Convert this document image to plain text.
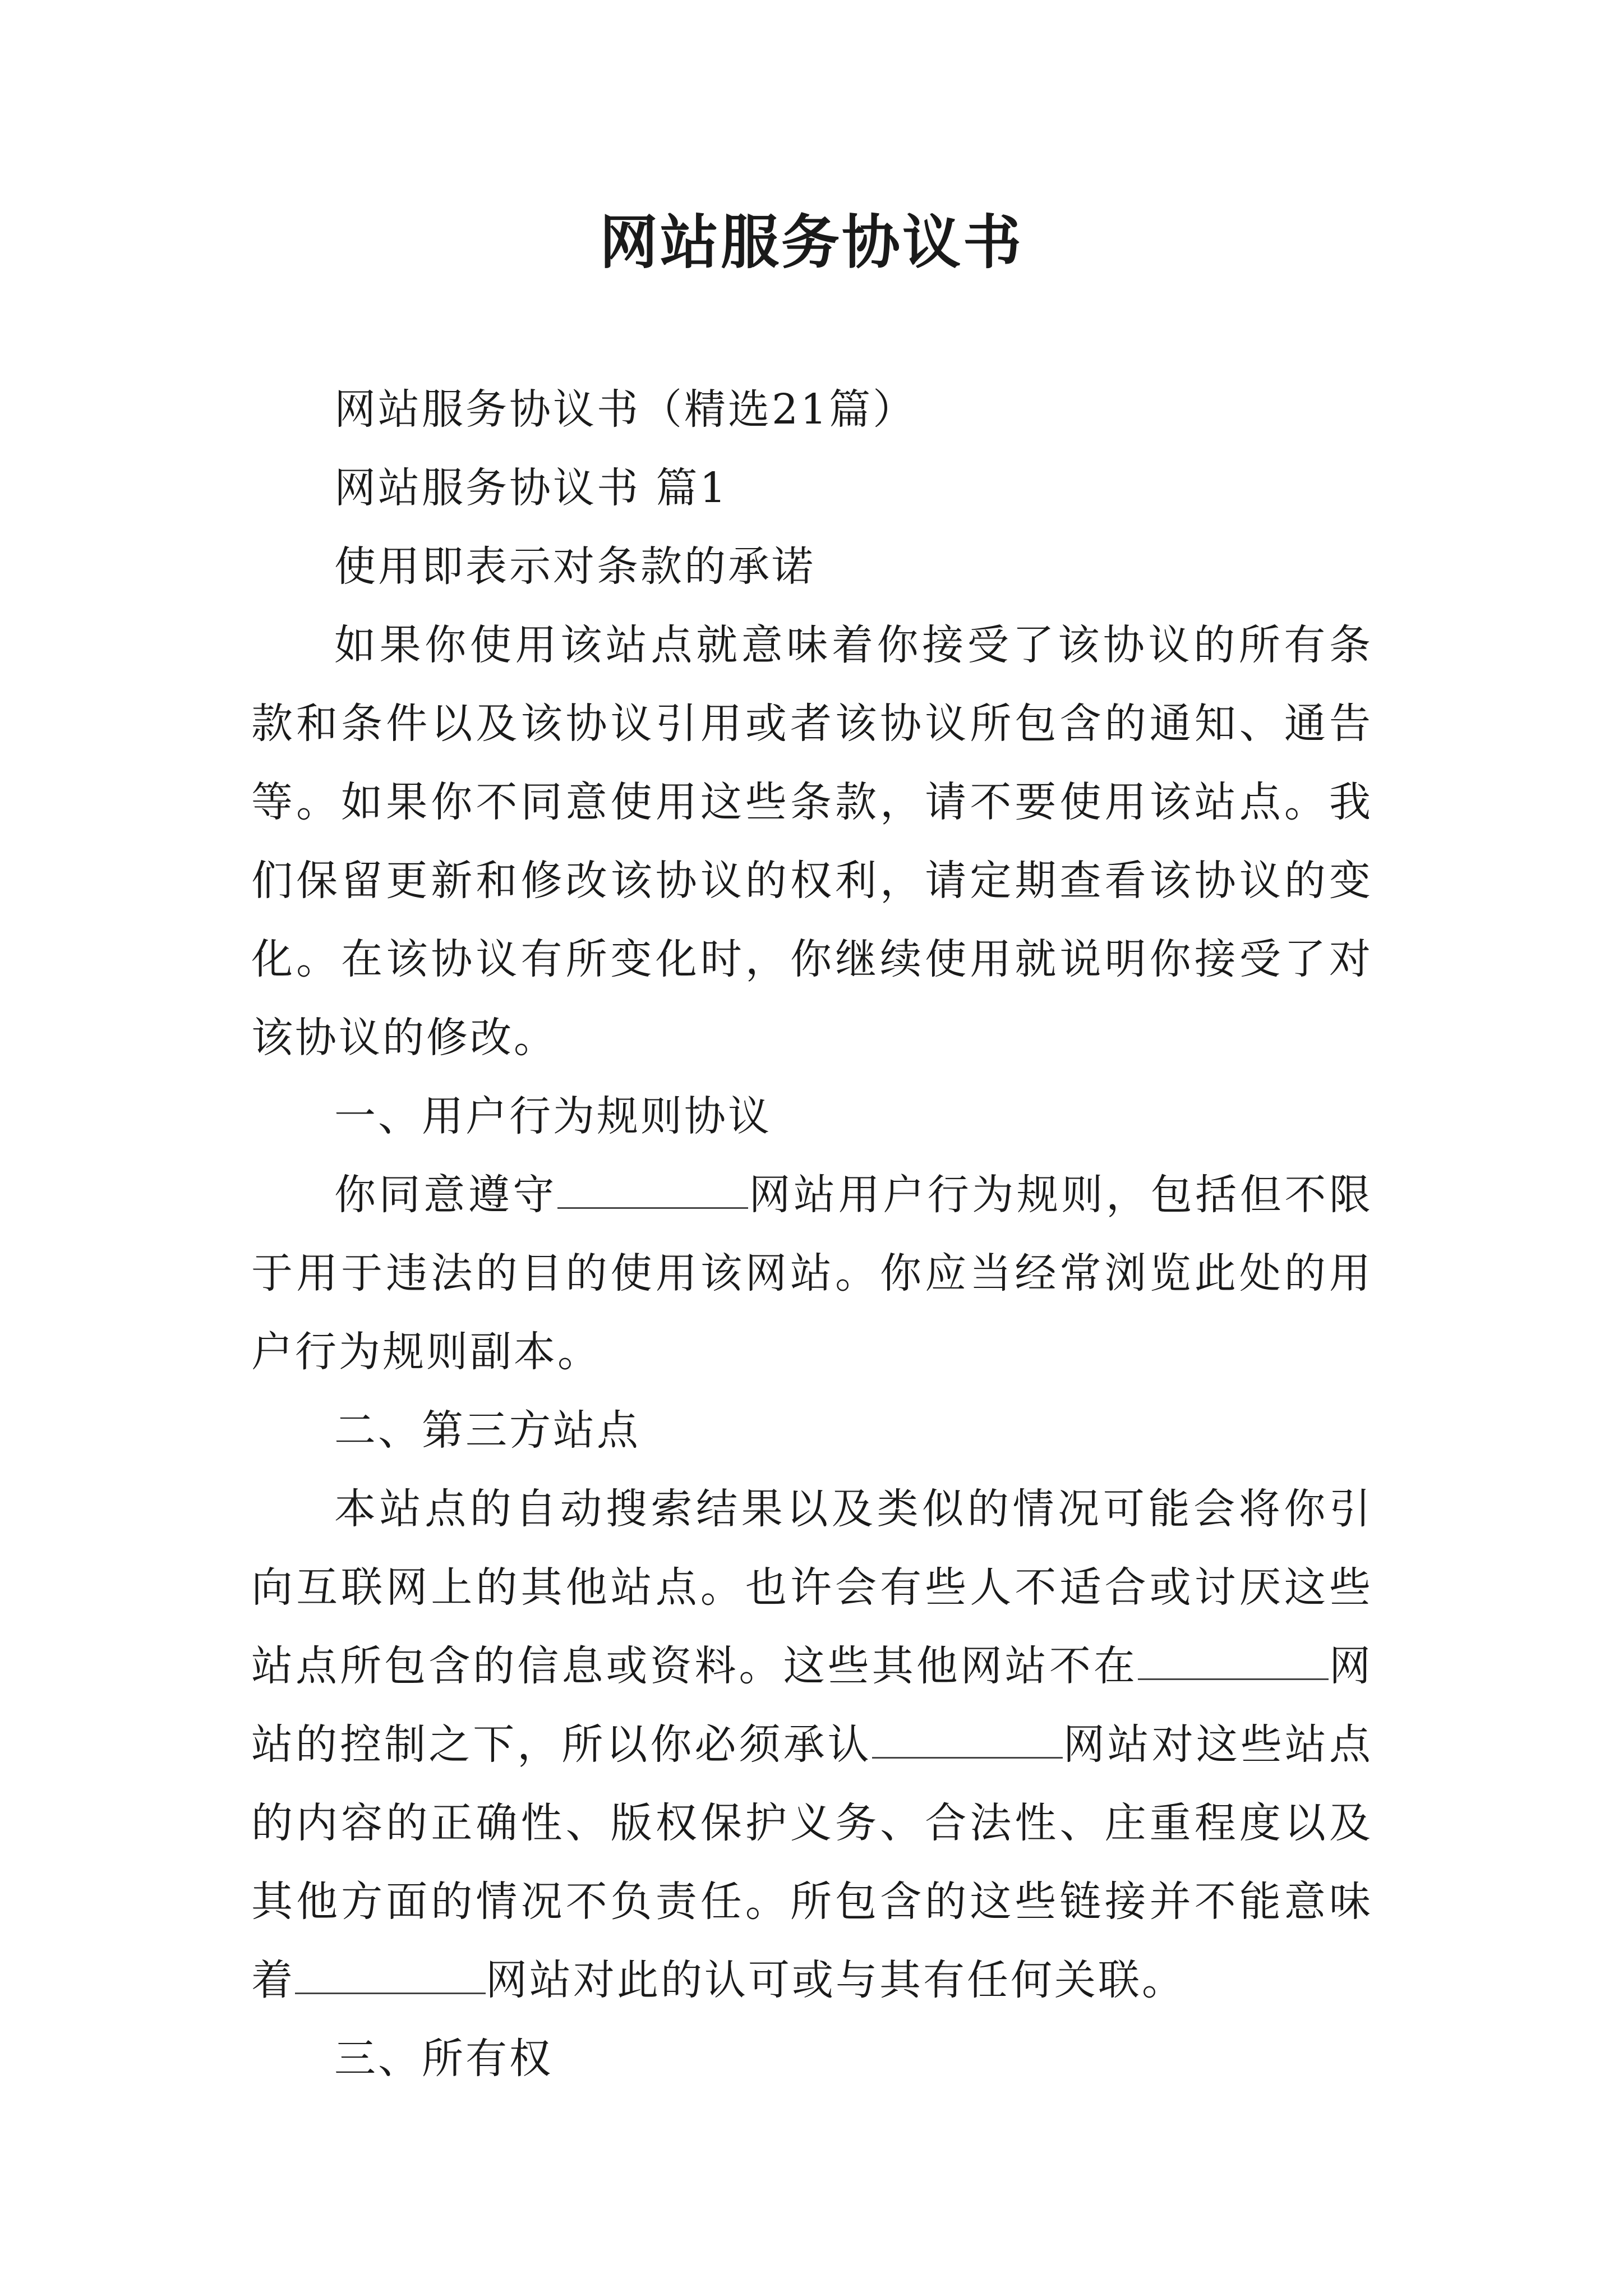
网站服务协议书

网站服务协议书（精选21篇）

网站服务协议书 篇1

使用即表示对条款的承诺

如果你使用该站点就意味着你接受了该协议的所有条款和条件以及该协议引用或者该协议所包含的通知、通告等。如果你不同意使用这些条款，请不要使用该站点。我们保留更新和修改该协议的权利，请定期查看该协议的变化。在该协议有所变化时，你继续使用就说明你接受了对该协议的修改。

一、用户行为规则协议

你同意遵守	网站用户行为规则，包括但不限于用于违法的目的使用该网站。你应当经常浏览此处的用户行为规则副本。

二、第三方站点

本站点的自动搜索结果以及类似的情况可能会将你引向互联网上的其他站点。也许会有些人不适合或讨厌这些站点所包含的信息或资料。这些其他网站不在	网站的控制之下，所以你必须承认	网站对这些站点的内容的正确性、版权保护义务、合法性、庄重程度以及其他方面的情况不负责任。所包含的这些链接并不能意味着	网站对此的认可或与其有任何关联。

三、所有权
